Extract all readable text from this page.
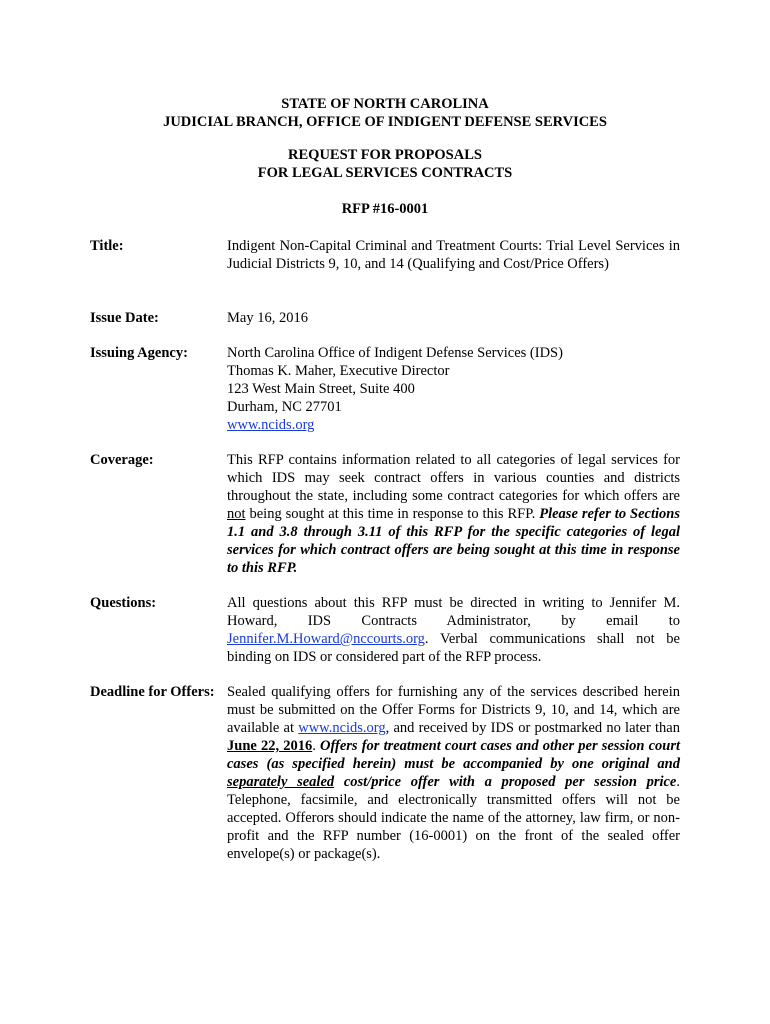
STATE OF NORTH CAROLINA
JUDICIAL BRANCH, OFFICE OF INDIGENT DEFENSE SERVICES
REQUEST FOR PROPOSALS
FOR LEGAL SERVICES CONTRACTS
RFP #16-0001
Title:	Indigent Non-Capital Criminal and Treatment Courts: Trial Level Services in Judicial Districts 9, 10, and 14 (Qualifying and Cost/Price Offers)
Issue Date:	May 16, 2016
Issuing Agency:	North Carolina Office of Indigent Defense Services (IDS)
Thomas K. Maher, Executive Director
123 West Main Street, Suite 400
Durham, NC 27701
www.ncids.org
Coverage:	This RFP contains information related to all categories of legal services for which IDS may seek contract offers in various counties and districts throughout the state, including some contract categories for which offers are not being sought at this time in response to this RFP. Please refer to Sections 1.1 and 3.8 through 3.11 of this RFP for the specific categories of legal services for which contract offers are being sought at this time in response to this RFP.
Questions:	All questions about this RFP must be directed in writing to Jennifer M. Howard, IDS Contracts Administrator, by email to Jennifer.M.Howard@nccourts.org. Verbal communications shall not be binding on IDS or considered part of the RFP process.
Deadline for Offers: Sealed qualifying offers for furnishing any of the services described herein must be submitted on the Offer Forms for Districts 9, 10, and 14, which are available at www.ncids.org, and received by IDS or postmarked no later than June 22, 2016. Offers for treatment court cases and other per session court cases (as specified herein) must be accompanied by one original and separately sealed cost/price offer with a proposed per session price. Telephone, facsimile, and electronically transmitted offers will not be accepted. Offerors should indicate the name of the attorney, law firm, or non-profit and the RFP number (16-0001) on the front of the sealed offer envelope(s) or package(s).
